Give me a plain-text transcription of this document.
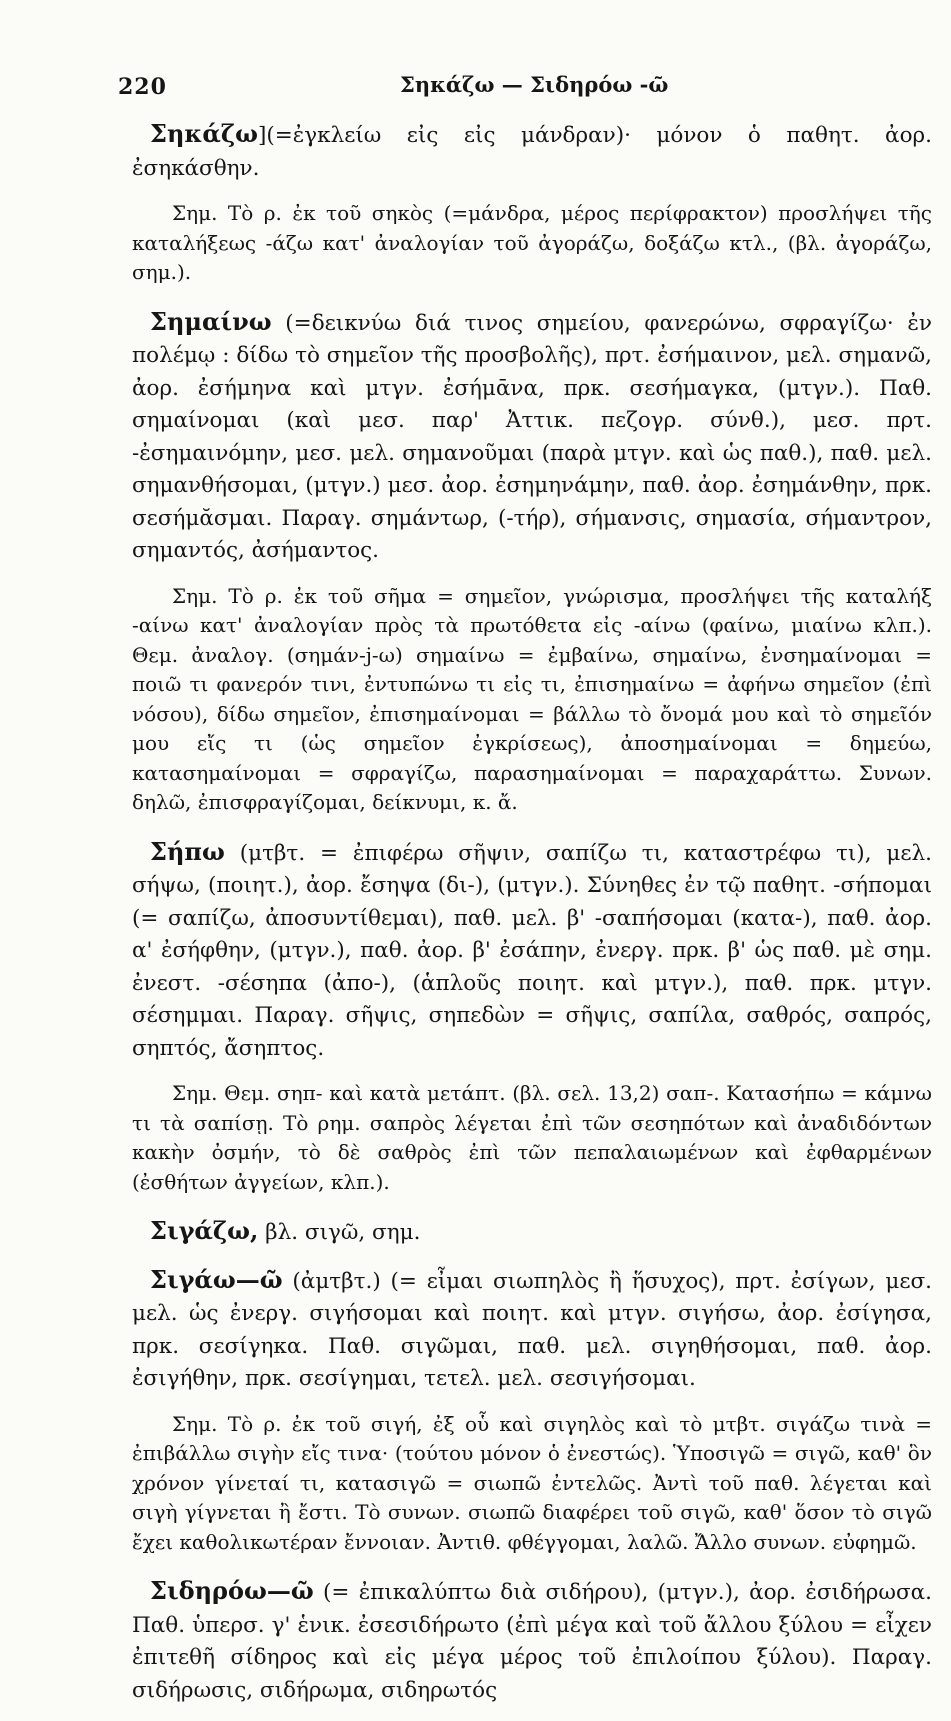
220	Σηκάζω — Σιδηρόω -ῶ

Σηκάζω](=ἐγκλείω εἰς εἰς μάνδραν)· μόνον ὁ παθητ. ἀορ. ἐσηκάσθην.

Σημ. Τὸ ρ. ἐκ τοῦ σηκὸς (=μάνδρα, μέρος περίφρακτον) προσλήψει τῆς καταλήξεως -άζω κατ' ἀναλογίαν τοῦ ἀγοράζω, δοξάζω κτλ., (βλ. ἀγοράζω, σημ.).

Σημαίνω (=δεικνύω διά τινος σημείου, φανερώνω, σφραγίζω· ἐν πολέμῳ : δίδω τὸ σημεῖον τῆς προσβολῆς), πρτ. ἐσήμαινον, μελ. σημανῶ, ἀορ. ἐσήμηνα καὶ μτγν. ἐσήμᾱνα, πρκ. σεσήμαγκα, (μτγν.). Παθ. σημαίνομαι (καὶ μεσ. παρ' Ἀττικ. πεζογρ. σύνθ.), μεσ. πρτ. -ἐσημαινόμην, μεσ. μελ. σημανοῦμαι (παρὰ μτγν. καὶ ὡς παθ.), παθ. μελ. σημανθήσομαι, (μτγν.) μεσ. ἀορ. ἐσημηνάμην, παθ. ἀορ. ἐσημάνθην, πρκ. σεσήμᾰσμαι. Παραγ. σημάντωρ, (-τήρ), σήμανσις, σημασία, σήμαντρον, σημαντός, ἀσήμαντος.

Σημ. Τὸ ρ. ἐκ τοῦ σῆμα = σημεῖον, γνώρισμα, προσλήψει τῆς καταλήξ -αίνω κατ' ἀναλογίαν πρὸς τὰ πρωτόθετα εἰς -αίνω (φαίνω, μιαίνω κλπ.). Θεμ. ἀναλογ. (σημάν-j-ω) σημαίνω = ἐμβαίνω, σημαίνω, ἐνσημαίνομαι = ποιῶ τι φανερόν τινι, ἐντυπώνω τι εἰς τι, ἐπισημαίνω = ἀφήνω σημεῖον (ἐπὶ νόσου), δίδω σημεῖον, ἐπισημαίνομαι = βάλλω τὸ ὄνομά μου καὶ τὸ σημεῖόν μου εἴς τι (ὡς σημεῖον ἐγκρίσεως), ἀποσημαίνομαι = δημεύω, κατασημαίνομαι = σφραγίζω, παρασημαίνομαι = παραχαράττω. Συνων. δηλῶ, ἐπισφραγίζομαι, δείκνυμι, κ. ἄ.

Σήπω (μτβτ. = ἐπιφέρω σῆψιν, σαπίζω τι, καταστρέφω τι), μελ. σήψω, (ποιητ.), ἀορ. ἔσηψα (δι-), (μτγν.). Σύνηθες ἐν τῷ παθητ. -σήπομαι (= σαπίζω, ἀποσυντίθεμαι), παθ. μελ. β' -σαπήσομαι (κατα-), παθ. ἀορ. α' ἐσήφθην, (μτγν.), παθ. ἀορ. β' ἐσάπην, ἐνεργ. πρκ. β' ὡς παθ. μὲ σημ. ἐνεστ. -σέσηπα (ἀπο-), (ἁπλοῦς ποιητ. καὶ μτγν.), παθ. πρκ. μτγν. σέσημμαι. Παραγ. σῆψις, σηπεδὼν = σῆψις, σαπίλα, σαθρός, σαπρός, σηπτός, ἄσηπτος.

Σημ. Θεμ. σηπ- καὶ κατὰ μετάπτ. (βλ. σελ. 13,2) σαπ-. Κατασήπω = κάμνω τι τὰ σαπίσῃ. Τὸ ρημ. σαπρὸς λέγεται ἐπὶ τῶν σεσηπότων καὶ ἀναδιδόντων κακὴν ὀσμήν, τὸ δὲ σαθρὸς ἐπὶ τῶν πεπαλαιωμένων καὶ ἐφθαρμένων (ἐσθήτων ἀγγείων, κλπ.).

Σιγάζω, βλ. σιγῶ, σημ.

Σιγάω—ῶ (ἀμτβτ.) (= εἶμαι σιωπηλὸς ἢ ἥσυχος), πρτ. ἐσίγων, μεσ. μελ. ὡς ἐνεργ. σιγήσομαι καὶ ποιητ. καὶ μτγν. σιγήσω, ἀορ. ἐσίγησα, πρκ. σεσίγηκα. Παθ. σιγῶμαι, παθ. μελ. σιγηθήσομαι, παθ. ἀορ. ἐσιγήθην, πρκ. σεσίγημαι, τετελ. μελ. σεσιγήσομαι.

Σημ. Τὸ ρ. ἐκ τοῦ σιγή, ἐξ οὗ καὶ σιγηλὸς καὶ τὸ μτβτ. σιγάζω τινὰ = ἐπιβάλλω σιγὴν εἴς τινα· (τούτου μόνον ὁ ἐνεστώς). Ὑποσιγῶ = σιγῶ, καθ' ὃν χρόνον γίνεταί τι, κατασιγῶ = σιωπῶ ἐντελῶς. Ἀντὶ τοῦ παθ. λέγεται καὶ σιγὴ γίγνεται ἢ ἔστι. Τὸ συνων. σιωπῶ διαφέρει τοῦ σιγῶ, καθ' ὅσον τὸ σιγῶ ἔχει καθολικωτέραν ἔννοιαν. Ἀντιθ. φθέγγομαι, λαλῶ. Ἄλλο συνων. εὐφημῶ.

Σιδηρόω—ῶ (= ἐπικαλύπτω διὰ σιδήρου), (μτγν.), ἀορ. ἐσιδήρωσα. Παθ. ὑπερσ. γ' ἑνικ. ἐσεσιδήρωτο (ἐπὶ μέγα καὶ τοῦ ἄλλου ξύλου = εἶχεν ἐπιτεθῆ σίδηρος καὶ εἰς μέγα μέρος τοῦ ἐπιλοίπου ξύλου). Παραγ. σιδήρωσις, σιδήρωμα, σιδηρωτός
